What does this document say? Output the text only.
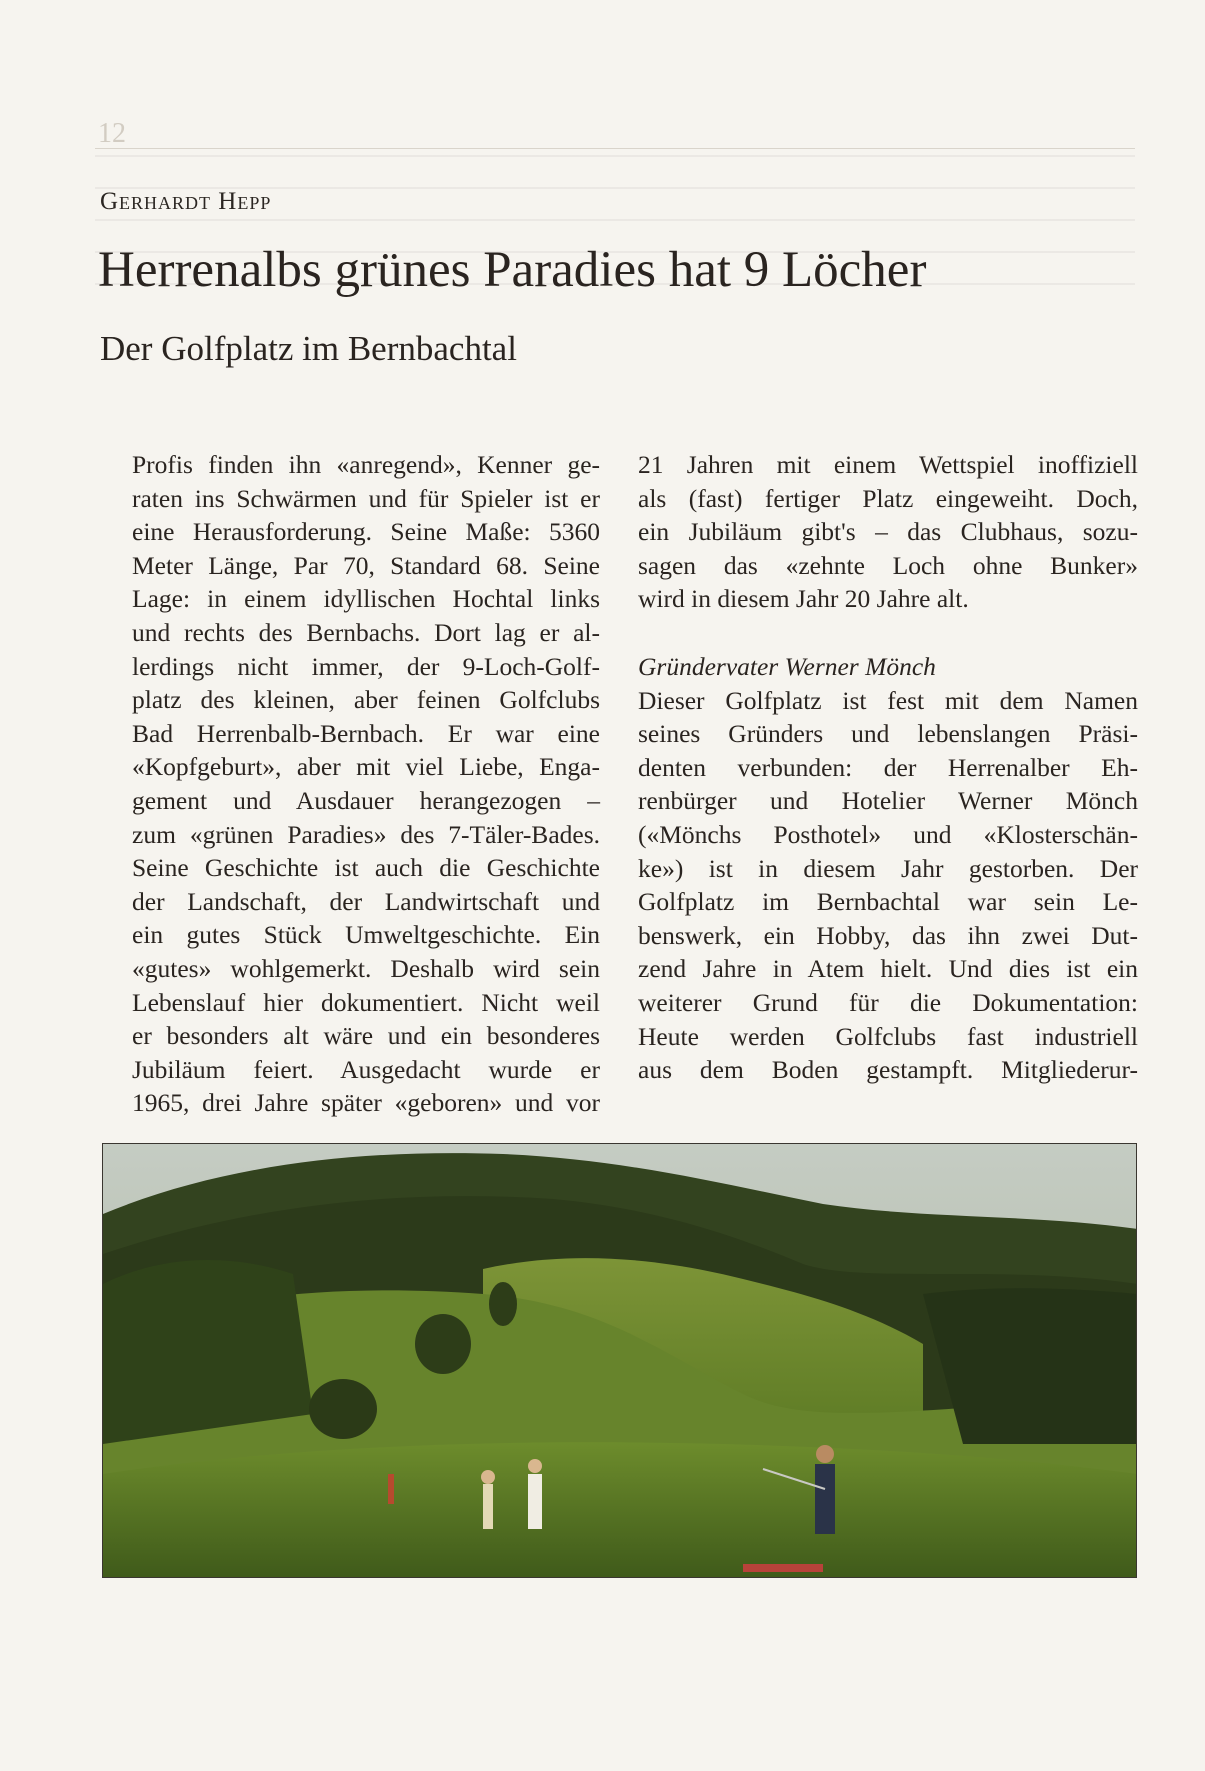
12
Gerhardt Hepp
Herrenalbs grünes Paradies hat 9 Löcher
Der Golfplatz im Bernbachtal
Profis finden ihn «anregend», Kenner ge-
raten ins Schwärmen und für Spieler ist er
eine Herausforderung. Seine Maße: 5360
Meter Länge, Par 70, Standard 68. Seine
Lage: in einem idyllischen Hochtal links
und rechts des Bernbachs. Dort lag er al-
lerdings nicht immer, der 9-Loch-Golf-
platz des kleinen, aber feinen Golfclubs
Bad Herrenbalb-Bernbach. Er war eine
«Kopfgeburt», aber mit viel Liebe, Enga-
gement und Ausdauer herangezogen –
zum «grünen Paradies» des 7-Täler-Bades.
Seine Geschichte ist auch die Geschichte
der Landschaft, der Landwirtschaft und
ein gutes Stück Umweltgeschichte. Ein
«gutes» wohlgemerkt. Deshalb wird sein
Lebenslauf hier dokumentiert. Nicht weil
er besonders alt wäre und ein besonderes
Jubiläum feiert. Ausgedacht wurde er
1965, drei Jahre später «geboren» und vor
21 Jahren mit einem Wettspiel inoffiziell
als (fast) fertiger Platz eingeweiht. Doch,
ein Jubiläum gibt's – das Clubhaus, sozu-
sagen das «zehnte Loch ohne Bunker»
wird in diesem Jahr 20 Jahre alt.
Gründervater Werner Mönch
Dieser Golfplatz ist fest mit dem Namen
seines Gründers und lebenslangen Präsi-
denten verbunden: der Herrenalber Eh-
renbürger und Hotelier Werner Mönch
(«Mönchs Posthotel» und «Klosterschän-
ke») ist in diesem Jahr gestorben. Der
Golfplatz im Bernbachtal war sein Le-
benswerk, ein Hobby, das ihn zwei Dut-
zend Jahre in Atem hielt. Und dies ist ein
weiterer Grund für die Dokumentation:
Heute werden Golfclubs fast industriell
aus dem Boden gestampft. Mitgliederur-
